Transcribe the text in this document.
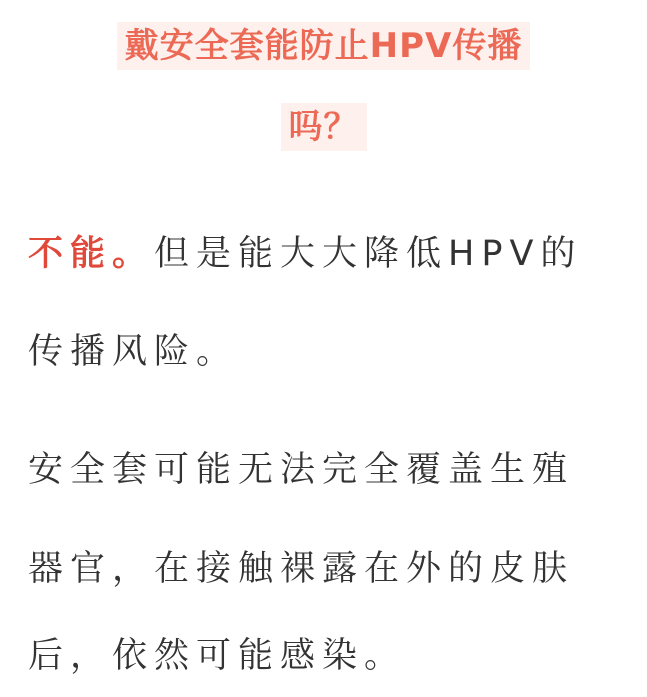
戴安全套能防止HPV传播
吗？
不能。但是能大大降低HPV的
传播风险。
安全套可能无法完全覆盖生殖
器官，在接触裸露在外的皮肤
后，依然可能感染。
